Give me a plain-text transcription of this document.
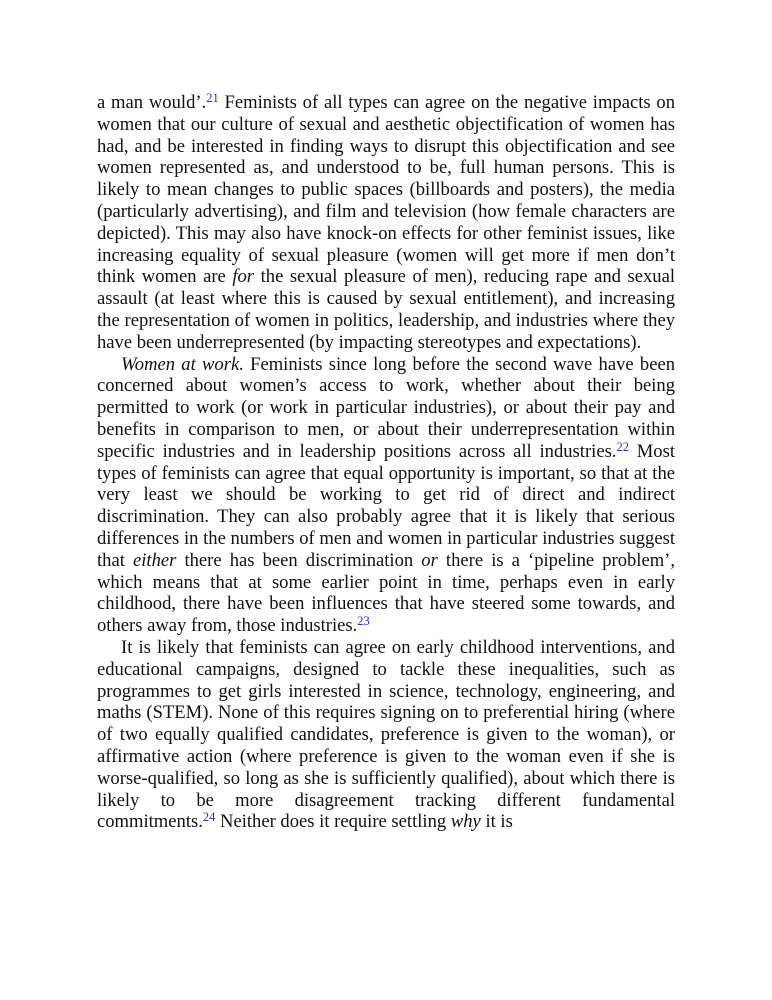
a man would’.$^{21}$ Feminists of all types can agree on the negative impacts on women that our culture of sexual and aesthetic objectification of women has had, and be interested in finding ways to disrupt this objectification and see women represented as, and understood to be, full human persons. This is likely to mean changes to public spaces (billboards and posters), the media (particularly advertising), and film and television (how female characters are depicted). This may also have knock-on effects for other feminist issues, like increasing equality of sexual pleasure (women will get more if men don’t think women are for the sexual pleasure of men), reducing rape and sexual assault (at least where this is caused by sexual entitlement), and increasing the representation of women in politics, leadership, and industries where they have been underrepresented (by impacting stereotypes and expectations).

Women at work. Feminists since long before the second wave have been concerned about women’s access to work, whether about their being permitted to work (or work in particular industries), or about their pay and benefits in comparison to men, or about their underrepresentation within specific industries and in leadership positions across all industries.$^{22}$ Most types of feminists can agree that equal opportunity is important, so that at the very least we should be working to get rid of direct and indirect discrimination. They can also probably agree that it is likely that serious differences in the numbers of men and women in particular industries suggest that either there has been discrimination or there is a ‘pipeline problem’, which means that at some earlier point in time, perhaps even in early childhood, there have been influences that have steered some towards, and others away from, those industries.$^{23}$

It is likely that feminists can agree on early childhood interventions, and educational campaigns, designed to tackle these inequalities, such as programmes to get girls interested in science, technology, engineering, and maths (STEM). None of this requires signing on to preferential hiring (where of two equally qualified candidates, preference is given to the woman), or affirmative action (where preference is given to the woman even if she is worse-qualified, so long as she is sufficiently qualified), about which there is likely to be more disagreement tracking different fundamental commitments.$^{24}$ Neither does it require settling why it is
